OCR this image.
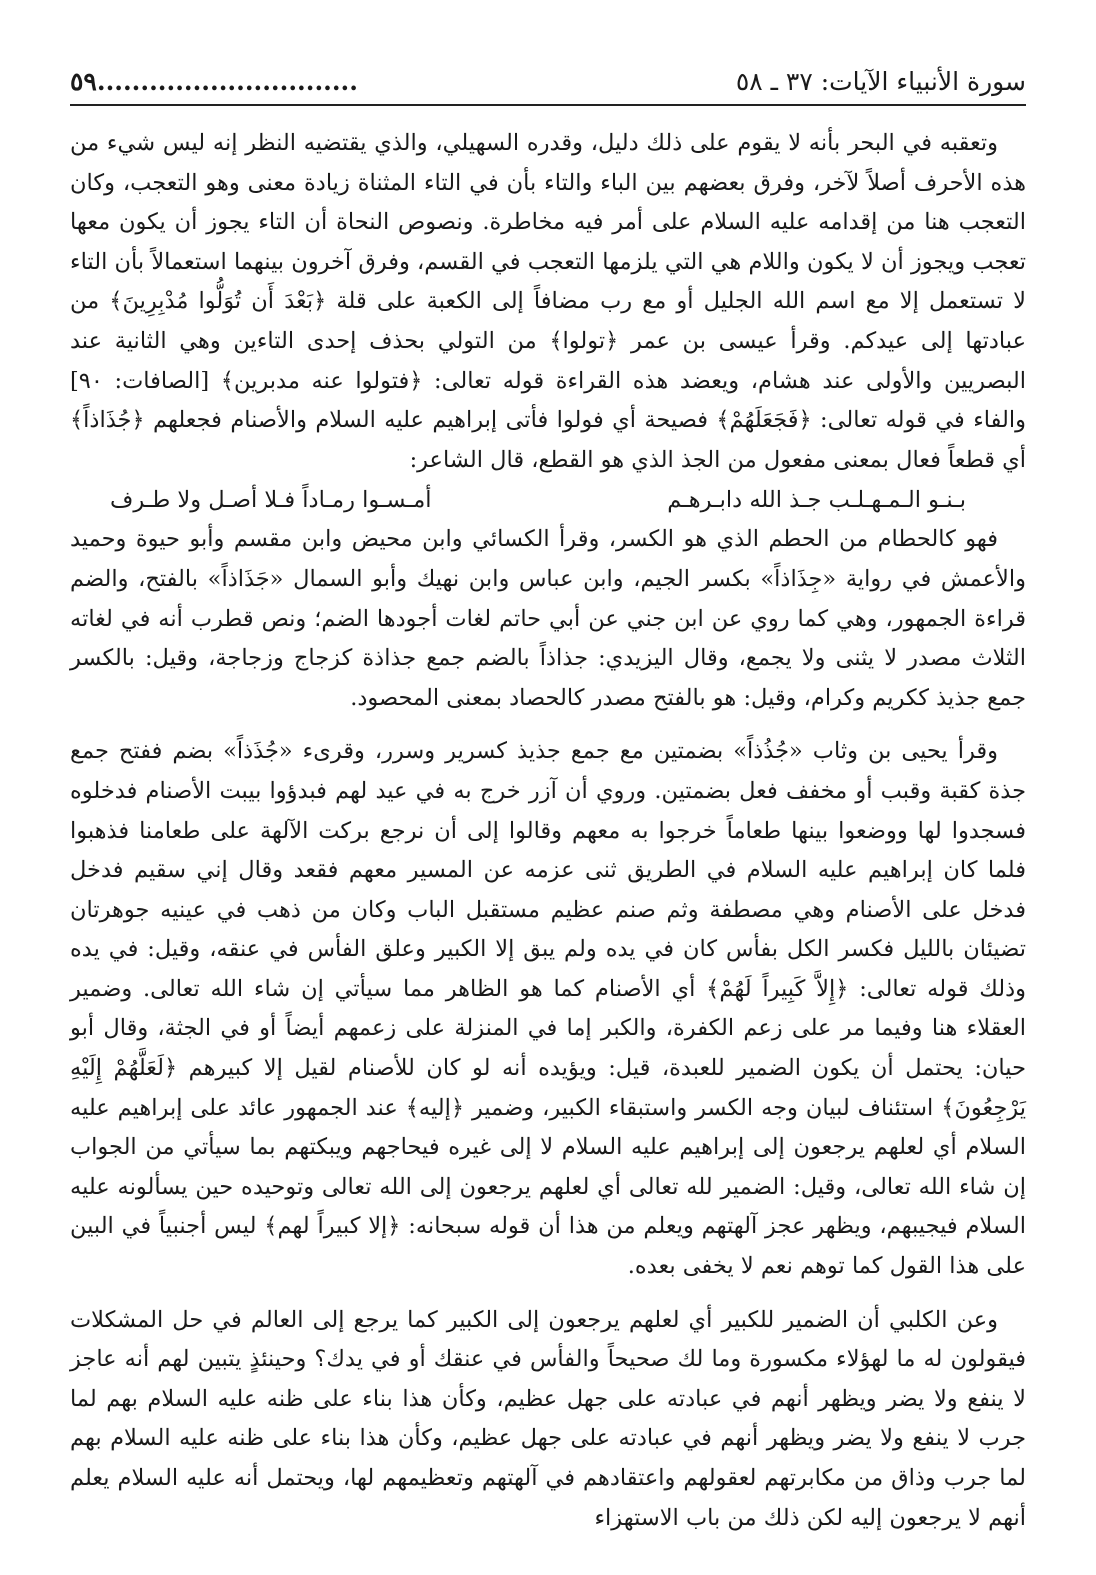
سورة الأنبياء الآيات: ٣٧ ـ ٥٨
..............................٥٩

وتعقبه في البحر بأنه لا يقوم على ذلك دليل، وقدره السهيلي، والذي يقتضيه النظر إنه ليس شيء من هذه الأحرف أصلاً لآخر، وفرق بعضهم بين الباء والتاء بأن في التاء المثناة زيادة معنى وهو التعجب، وكان التعجب هنا من إقدامه عليه السلام على أمر فيه مخاطرة. ونصوص النحاة أن التاء يجوز أن يكون معها تعجب ويجوز أن لا يكون واللام هي التي يلزمها التعجب في القسم، وفرق آخرون بينهما استعمالاً بأن التاء لا تستعمل إلا مع اسم الله الجليل أو مع رب مضافاً إلى الكعبة على قلة ﴿بَعْدَ أَن تُوَلُّوا مُدْبِرِينَ﴾ من عبادتها إلى عيدكم. وقرأ عيسى بن عمر ﴿تولوا﴾ من التولي بحذف إحدى التاءين وهي الثانية عند البصريين والأولى عند هشام، ويعضد هذه القراءة قوله تعالى: ﴿فتولوا عنه مدبرين﴾ [الصافات: ٩٠] والفاء في قوله تعالى: ﴿فَجَعَلَهُمْ﴾ فصيحة أي فولوا فأتى إبراهيم عليه السلام والأصنام فجعلهم ﴿جُذَاذاً﴾ أي قطعاً فعال بمعنى مفعول من الجذ الذي هو القطع، قال الشاعر:

بـنـو الـمـهـلـب جـذ الله دابـرهـم
أمـسـوا رمـاداً فـلا أصـل ولا طـرف

فهو كالحطام من الحطم الذي هو الكسر، وقرأ الكسائي وابن محيض وابن مقسم وأبو حيوة وحميد والأعمش في رواية «جِذَاذاً» بكسر الجيم، وابن عباس وابن نهيك وأبو السمال «جَذَاذاً» بالفتح، والضم قراءة الجمهور، وهي كما روي عن ابن جني عن أبي حاتم لغات أجودها الضم؛ ونص قطرب أنه في لغاته الثلاث مصدر لا يثنى ولا يجمع، وقال اليزيدي: جذاذاً بالضم جمع جذاذة كزجاج وزجاجة، وقيل: بالكسر جمع جذيذ ككريم وكرام، وقيل: هو بالفتح مصدر كالحصاد بمعنى المحصود.

وقرأ يحيى بن وثاب «جُذُذاً» بضمتين مع جمع جذيذ كسرير وسرر، وقرىء «جُذَذاً» بضم ففتح جمع جذة كقبة وقبب أو مخفف فعل بضمتين. وروي أن آزر خرج به في عيد لهم فبدؤوا بيبت الأصنام فدخلوه فسجدوا لها ووضعوا بينها طعاماً خرجوا به معهم وقالوا إلى أن نرجع بركت الآلهة على طعامنا فذهبوا فلما كان إبراهيم عليه السلام في الطريق ثنى عزمه عن المسير معهم فقعد وقال إني سقيم فدخل فدخل على الأصنام وهي مصطفة وثم صنم عظيم مستقبل الباب وكان من ذهب في عينيه جوهرتان تضيئان بالليل فكسر الكل بفأس كان في يده ولم يبق إلا الكبير وعلق الفأس في عنقه، وقيل: في يده وذلك قوله تعالى: ﴿إِلاَّ كَبِيراً لَهُمْ﴾ أي الأصنام كما هو الظاهر مما سيأتي إن شاء الله تعالى. وضمير العقلاء هنا وفيما مر على زعم الكفرة، والكبر إما في المنزلة على زعمهم أيضاً أو في الجثة، وقال أبو حيان: يحتمل أن يكون الضمير للعبدة، قيل: ويؤيده أنه لو كان للأصنام لقيل إلا كبيرهم ﴿لَعَلَّهُمْ إِلَيْهِ يَرْجِعُونَ﴾ استئناف لبيان وجه الكسر واستبقاء الكبير، وضمير ﴿إليه﴾ عند الجمهور عائد على إبراهيم عليه السلام أي لعلهم يرجعون إلى إبراهيم عليه السلام لا إلى غيره فيحاجهم ويبكتهم بما سيأتي من الجواب إن شاء الله تعالى، وقيل: الضمير لله تعالى أي لعلهم يرجعون إلى الله تعالى وتوحيده حين يسألونه عليه السلام فيجيبهم، ويظهر عجز آلهتهم ويعلم من هذا أن قوله سبحانه: ﴿إلا كبيراً لهم﴾ ليس أجنبياً في البين على هذا القول كما توهم نعم لا يخفى بعده.

وعن الكلبي أن الضمير للكبير أي لعلهم يرجعون إلى الكبير كما يرجع إلى العالم في حل المشكلات فيقولون له ما لهؤلاء مكسورة وما لك صحيحاً والفأس في عنقك أو في يدك؟ وحينئذٍ يتبين لهم أنه عاجز لا ينفع ولا يضر ويظهر أنهم في عبادته على جهل عظيم، وكأن هذا بناء على ظنه عليه السلام بهم لما جرب لا ينفع ولا يضر ويظهر أنهم في عبادته على جهل عظيم، وكأن هذا بناء على ظنه عليه السلام بهم لما جرب وذاق من مكابرتهم لعقولهم واعتقادهم في آلهتهم وتعظيمهم لها، ويحتمل أنه عليه السلام يعلم أنهم لا يرجعون إليه لكن ذلك من باب الاستهزاء
